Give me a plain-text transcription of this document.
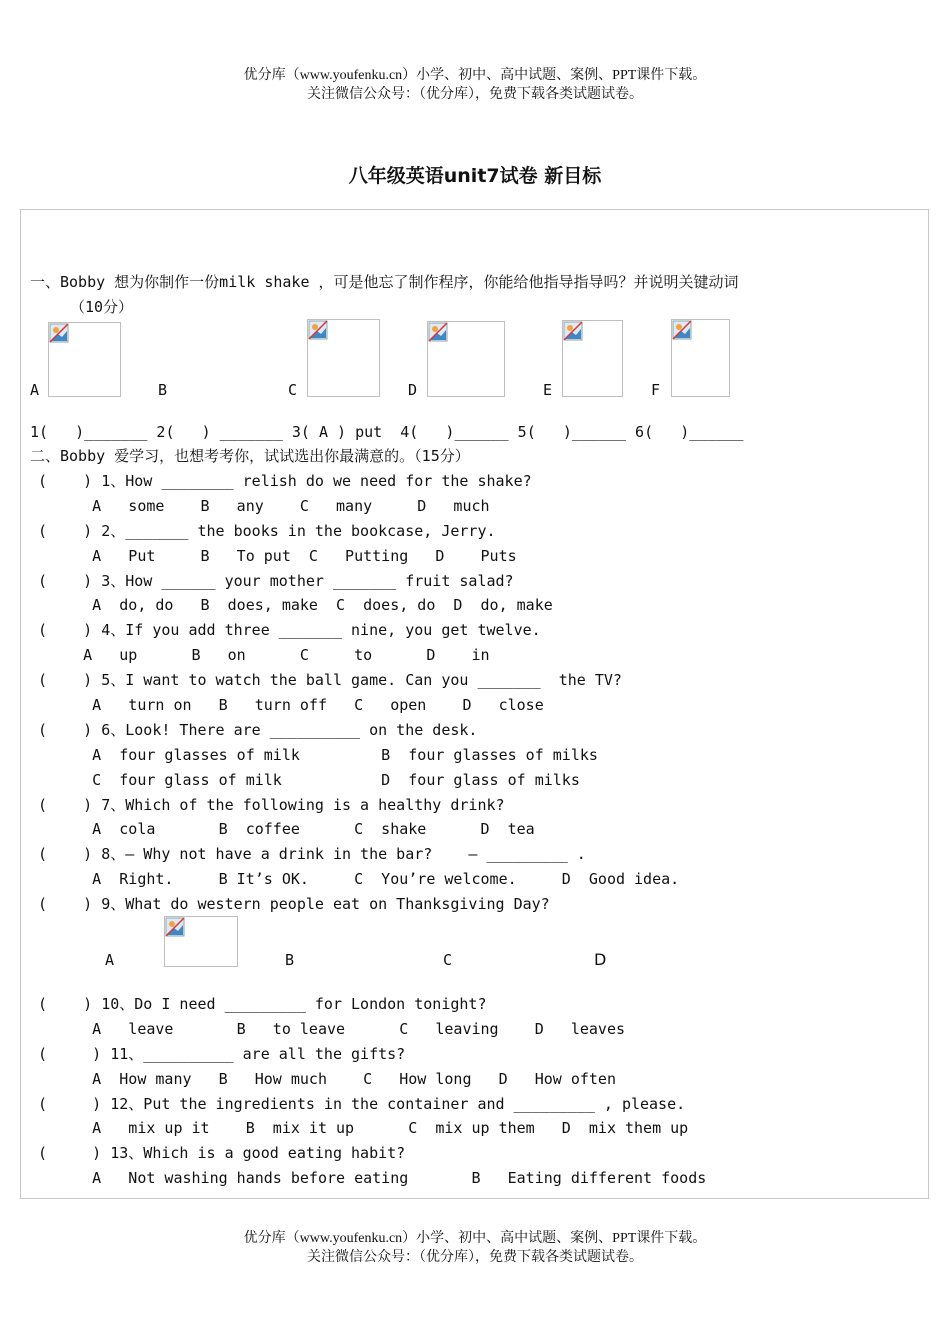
优分库（www.youfenku.cn）小学、初中、高中试题、案例、PPT课件下载。
关注微信公众号：（优分库），免费下载各类试题试卷。
八年级英语unit7试卷 新目标
一、Bobby 想为你制作一份milk shake ，可是他忘了制作程序，你能给他指导指导吗？并说明关键动词
（10分）
A	B	C	D	E	F
1(   )_______ 2(   ) _______ 3( A ) put  4(   )______ 5(   )______ 6(   )______
二、Bobby 爱学习，也想考考你，试试选出你最满意的。（15分）
(    ) 1、How ________ relish do we need for the shake?
A   some    B   any    C   many     D   much
(    ) 2、_______ the books in the bookcase, Jerry.
A   Put     B   To put  C   Putting   D    Puts
(    ) 3、How ______ your mother _______ fruit salad?
A  do, do   B  does, make  C  does, do  D  do, make
(    ) 4、If you add three _______ nine, you get twelve.
A   up      B   on      C     to      D    in
(    ) 5、I want to watch the ball game. Can you _______  the TV?
A   turn on   B   turn off   C   open    D   close
(    ) 6、Look! There are __________ on the desk.
A  four glasses of milk         B  four glasses of milks
C  four glass of milk           D  four glass of milks
(    ) 7、Which of the following is a healthy drink?
A  cola       B  coffee      C  shake      D  tea
(    ) 8、— Why not have a drink in the bar?    — _________ .
A  Right.     B It’s OK.     C  You’re welcome.     D  Good idea.
(    ) 9、What do western people eat on Thanksgiving Day?
A	B	C	D
(    ) 10、Do I need _________ for London tonight?
A   leave       B   to leave      C   leaving    D   leaves
(     ) 11、__________ are all the gifts?
A  How many   B   How much    C   How long   D   How often
(     ) 12、Put the ingredients in the container and _________ , please.
A   mix up it    B  mix it up      C  mix up them   D  mix them up
(     ) 13、Which is a good eating habit?
A   Not washing hands before eating       B   Eating different foods
优分库（www.youfenku.cn）小学、初中、高中试题、案例、PPT课件下载。
关注微信公众号：（优分库），免费下载各类试题试卷。
